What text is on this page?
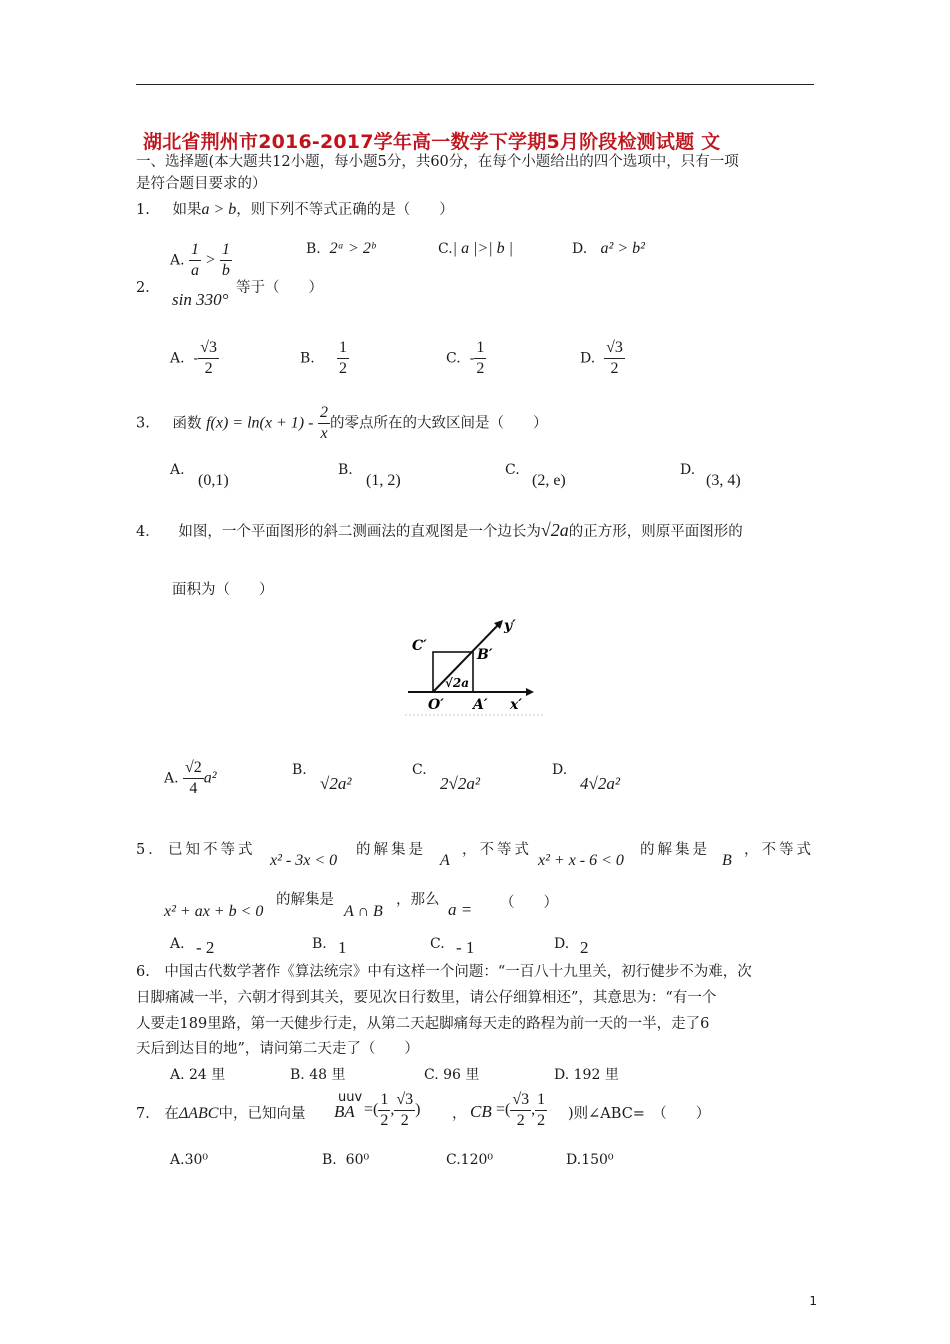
湖北省荆州市2016-2017学年高一数学下学期5月阶段检测试题 文
一、选择题(本大题共12小题，每小题5分，共60分，在每个小题给出的四个选项中，只有一项
是符合题目要求的）
1. 如果a > b，则下列不等式正确的是（　　）
A. $\frac{1}{a} > \frac{1}{b}$	B. 2ᵃ > 2ᵇ	C.| a |>| b |	D. a² > b²
2．
sin 330°
等于（　　）
A. - $\frac{√3}{2}$	B. $\frac{1}{2}$	C. - $\frac{1}{2}$	D. $\frac{√3}{2}$
3. 函数 $f(x) = \ln(x + 1) - \frac{2}{x}$ 的零点所在的大致区间是（　　）
A.
(0,1)
B.
(1, 2)
C.
(2, e)
D.
(3, 4)
4． 如图，一个平面图形的斜二测画法的直观图是一个边长为√2a的正方形，则原平面图形的
面积为（　　）
C′
B′
O′ A′ x′
y′
√2a
A. $\frac{√2}{4} a^2$	B.
√2a²
C.
2√2a²
D.
4√2a²
5． 已知不等式
x² - 3x < 0
的解集是
A
，不等式
x² + x - 6 < 0
的解集是
B
，不等式
x² + ax + b < 0
的解集是
A ∩ B
，那么 a = （　　）
A. - 2	B. 1	C. - 1	D. 2
6.　中国古代数学著作《算法统宗》中有这样一个问题：“一百八十九里关，初行健步不为难，次
日脚痛减一半，六朝才得到其关，要见次日行数里，请公仔细算相还”，其意思为：“有一个
人要走189里路，第一天健步行走，从第二天起脚痛每天走的路程为前一天的一半，走了6
天后到达目的地”，请问第二天走了（　　）
A. 24 里	B. 48 里	C. 96 里	D. 192 里
7． 在ΔABC中，已知向量
uuv
BA =( $\frac{1}{2}$ , $\frac{√3}{2}$ ) ， CB =( $\frac{√3}{2}$ , $\frac{1}{2}$ )则∠ABC=　（　　）
A.30⁰	B. 60⁰	C.120⁰	D.150⁰
1
